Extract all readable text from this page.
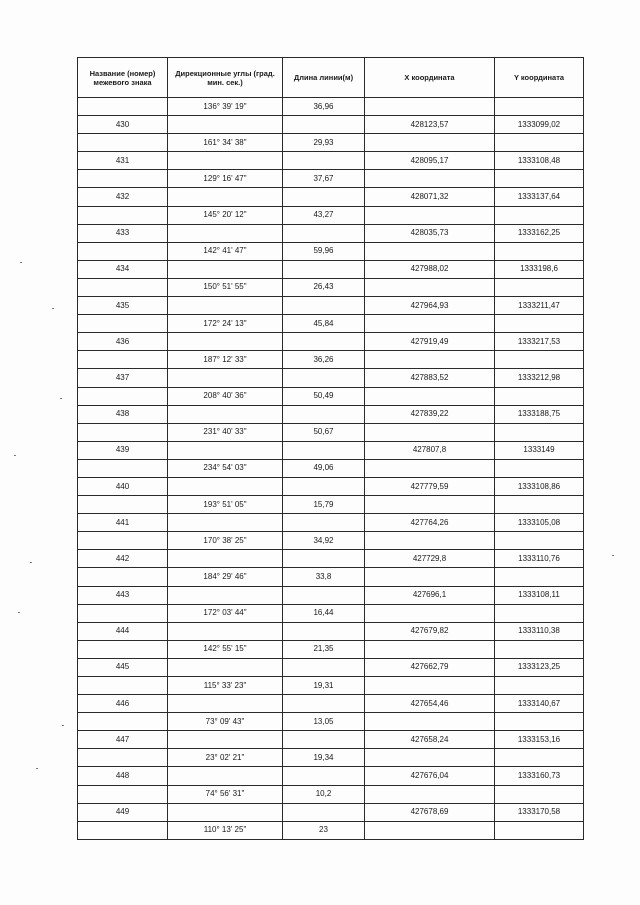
Название (номер) межевого знака	Дирекционные углы (град. мин. сек.)	Длина линии(м)	X координата	Y координата
	136° 39' 19"	36,96		
430			428123,57	1333099,02
	161° 34' 38"	29,93		
431			428095,17	1333108,48
	129° 16' 47"	37,67		
432			428071,32	1333137,64
	145° 20' 12"	43,27		
433			428035,73	1333162,25
	142° 41' 47"	59,96		
434			427988,02	1333198,6
	150° 51' 55"	26,43		
435			427964,93	1333211,47
	172° 24' 13"	45,84		
436			427919,49	1333217,53
	187° 12' 33"	36,26		
437			427883,52	1333212,98
	208° 40' 36"	50,49		
438			427839,22	1333188,75
	231° 40' 33"	50,67		
439			427807,8	1333149
	234° 54' 03"	49,06		
440			427779,59	1333108,86
	193° 51' 05"	15,79		
441			427764,26	1333105,08
	170° 38' 25"	34,92		
442			427729,8	1333110,76
	184° 29' 46"	33,8		
443			427696,1	1333108,11
	172° 03' 44"	16,44		
444			427679,82	1333110,38
	142° 55' 15"	21,35		
445			427662,79	1333123,25
	115° 33' 23"	19,31		
446			427654,46	1333140,67
	73° 09' 43"	13,05		
447			427658,24	1333153,16
	23° 02' 21"	19,34		
448			427676,04	1333160,73
	74° 56' 31"	10,2		
449			427678,69	1333170,58
	110° 13' 25"	23		
